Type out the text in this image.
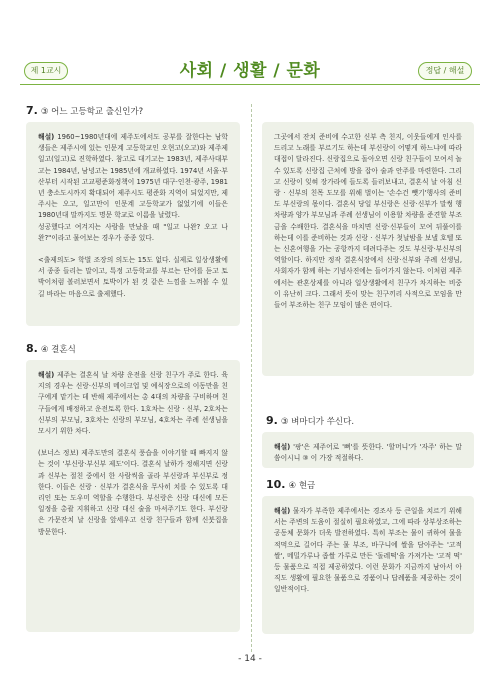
제 1교시	사회 / 생활 / 문화	정답 / 해설
7. ③ 어느 고등학교 출신인가?

해설) 1960~1980년대에 제주도에서도 공부를 잘한다는 남학생들은 제주시에 있는 인문계 고등학교인 오현고(오고)와 제주제일고(일고)로 진학하였다. 참고로 대기고는 1983년, 제주사대부고는 1984년, 남녕고는 1985년에 개교하였다. 1974년 서울·부산부터 시작된 고교평준화정책이 1975년 대구·인천·광주, 1981년 충소도시까지 확대되어 제주시도 평준화 지역이 되었지만, 제주시는 오고, 일고만이 인문계 고등학교가 없었기에 이들은 1980년대 말까지도 명문 학교로 이름을 날렸다.

성공했다고 여겨지는 사람을 만났을 때 "일고 나완? 오고 나완?"이라고 물어보는 경우가 종종 있다.

<출제의도> 학벌 조장의 의도는 15도 없다. 실제로 일상생활에서 종종 들리는 말이고, 특정 고등학교를 부르는 단어를 듣고 토박이처럼 볼러보면서 토박이가 된 것 같은 느낌을 느껴볼 수 있길 바라는 마음으로 출제했다.

그곳에서 잔치 준비에 수고한 신부 측 친지, 이웃들에게 인사를 드리고 노래를 부르기도 하는데 부신랑이 어떻게 하느냐에 따라 대접이 달라진다. 신랑집으로 돌아오면 신랑 친구들이 모여서 놀 수 있도록 신랑집 근처에 방을 잡아 술과 안주를 마련한다. 그리고 신랑이 잊혀 장가라에 들도록 들러보내고, 결혼식 날 아침 신랑 · 신부의 친목 도모를 위해 벌이는 '손수건 뺏기'행사의 준비도 부신랑의 몫이다. 결혼식 당일 부신랑은 신랑·신부가 말썽 행차량과 양가 부모님과 주례 선생님이 이용할 차량을 준견할 부조금을 수배한다. 결혼식을 마치면 신랑·신부들이 모여 뒤풀이를 하는데 이를 준비하는 것과 신랑 · 신부가 첫날밤을 보낼 호텔 또는 신혼여행을 가는 공항까지 데려다주는 것도 부신랑·부신부의 역할이다. 하지만 정작 결혼식장에서 신랑·신부와 주례 선생님, 사회자가 함께 하는 기념사진에는 들어가지 않는다. 이처럼 제주에서는 관혼상제를 아니라 일상생활에서 친구가 차지하는 비중이 유난히 크다. 그래서 뜻이 맞는 친구끼리 사적으로 모임을 만들어 부조하는 친구 모임이 많은 편이다.

8. ④ 결혼식

해설) 제주는 결혼식 날 차량 운전을 신랑 친구가 주로 한다. 육지의 경우는 신랑·신부의 메이크업 및 예식장으로의 이동만을 친구에게 맡기는 데 반해 제주에서는 총 4대의 차량을 구비하며 친구들에게 배정하고 운전토록 한다. 1호차는 신랑 · 신부, 2호차는 신부의 부모님, 3호차는 신랑의 부모님, 4호차는 주례 선생님을 모시기 위한 차다.

(보너스 정보) 제주도만의 결혼식 풍습을 이야기할 때 빠지지 않는 것이 '부신랑·부신부 제도'이다. 결혼식 날하가 정해지면 신랑과 신부는 절친 중에서 한 사람씩을 골라 부신랑과 부신부로 정한다. 이들은 신랑 · 신부가 결혼식을 무사히 치를 수 있도록 대리인 또는 도우미 역할을 수행한다. 부신랑은 신랑 대신에 모든 일정을 총괄 지휘하고 신랑 대신 술을 마셔주기도 한다. 부신랑은 가문잔치 날 신랑을 앞세우고 신랑 친구들과 함께 신붓집을 방문한다.

9. ③ 벼마디가 쑤신다.

해설) '팡'은 제주어로 '뼈'를 뜻한다. '할머니'가 '자주' 하는 말씀이시니 ③ 이 가장 적절하다.

10. ④ 현금

해설) 물자가 부족한 제주에서는 경조사 등 큰일을 치르기 위해서는 주변의 도움이 절실히 필요하였고, 그에 따라 상부상조하는 공동체 문화가 더욱 발전하였다. 특히 부조는 물이 귀하여 물을 적먹으로 길어다 주는 물 부조, 바구니에 쌀을 담아주는 '고적 쌀', 메밀가루나 좁쌀 가루로 만든 '돌레떡'을 가져가는 '고적 떡' 등 물품으로 직접 제공하였다. 이런 문화가 지금까지 남아서 아직도 생활에 필요한 물품으로 경품이나 답례품을 제공하는 것이 일반적이다.

- 14 -
